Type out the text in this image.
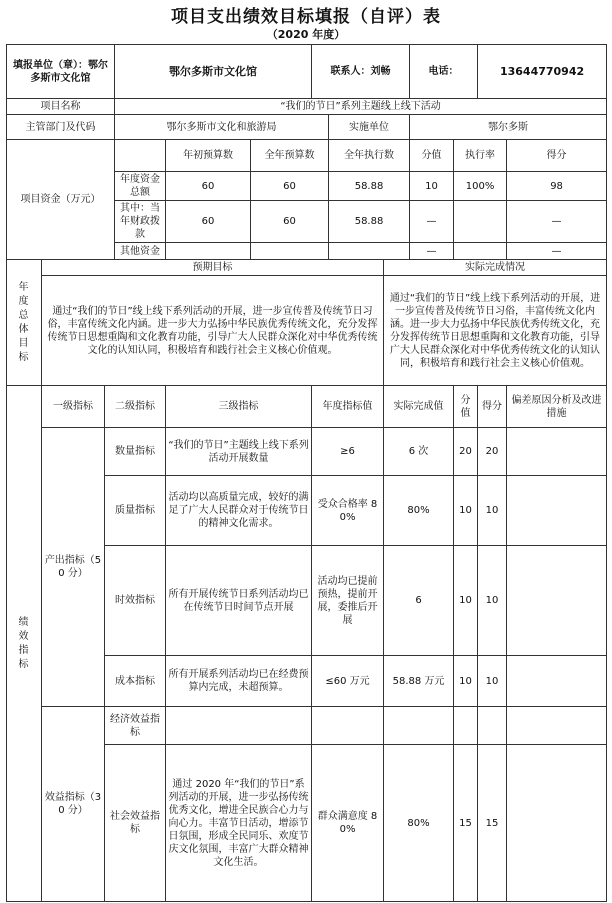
项目支出绩效目标填报（自评）表
（2020 年度）
填报单位（章）：鄂尔多斯市文化馆			鄂尔多斯市文化馆			联系人：刘畅			电话：		13644770942	
项目名称			“我们的节日”系列主题线上线下活动									
主管部门及代码			鄂尔多斯市文化和旅游局				实施单位		鄂尔多斯			
项目资金（万元）				年初预算数	全年预算数		全年执行数		分值	执行率		得分
			年度资金总额	60	60		58.88		10	100%		98
			其中：当年财政拨款	60	60		58.88		—			—
			其他资金						—			—
年度总体目标	预期目标							实际完成情况				
	通过“我们的节日”线上线下系列活动的开展，进一步宣传普及传统节日习俗，丰富传统文化内涵。进一步大力弘扬中华民族优秀传统文化，充分发挥传统节日思想重陶和文化教育功能，引导广大人民群众深化对中华优秀传统文化的认知认同，积极培育和践行社会主义核心价值观。							通过“我们的节日”线上线下系列活动的开展，进一步宣传普及传统节日习俗，丰富传统文化内涵。进一步大力弘扬中华民族优秀传统文化，充分发挥传统节日思想重陶和文化教育功能，引导广大人民群众深化对中华优秀传统文化的认知认同，积极培育和践行社会主义核心价值观。				
绩效指标	一级指标	二级指标		三级指标		年度指标值		实际完成值		分值	得分	偏差原因分析及改进措施
	产出指标（50 分）	数量指标		“我们的节日”主题线上线下系列活动开展数量		≥6		6 次		20	20	
		质量指标		活动均以高质量完成，较好的满足了广大人民群众对于传统节日的精神文化需求。		受众合格率 80%		80%		10	10	
		时效指标		所有开展传统节日系列活动均已在传统节日时间节点开展		活动均已提前预热，提前开展，委推后开展		6		10	10	
		成本指标		所有开展系列活动均已在经费预算内完成，未超预算。		≤60 万元		58.88 万元		10	10	
	效益指标（30 分）	经济效益指标										
		社会效益指标		通过 2020 年“我们的节日”系列活动的开展，进一步弘扬传统优秀文化，增进全民族合心力与向心力。丰富节日活动，增添节日氛围，形成全民同乐、欢度节庆文化氛围，丰富广大群众精神文化生活。		群众满意度 80%		80%		15	15	
